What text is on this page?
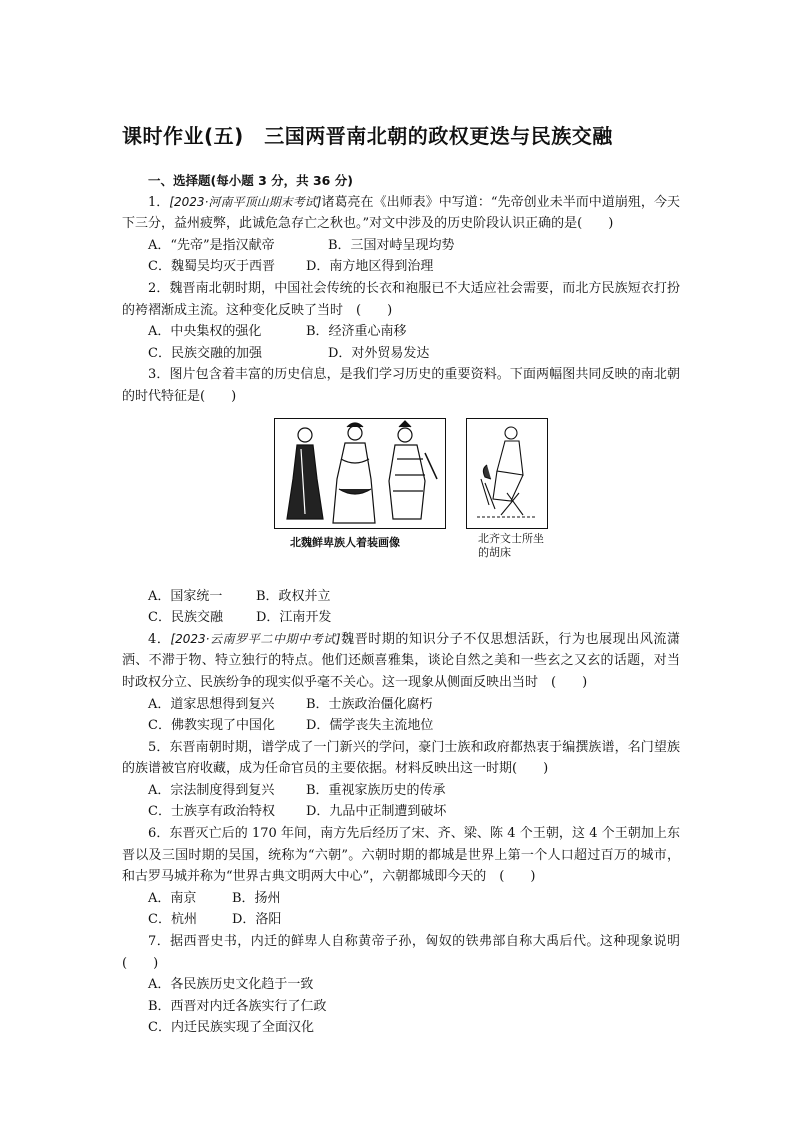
课时作业(五)　三国两晋南北朝的政权更迭与民族交融
一、选择题(每小题 3 分，共 36 分)

1．[2023·河南平顶山期末考试]诸葛亮在《出师表》中写道：“先帝创业未半而中道崩殂，今天下三分，益州疲弊，此诚危急存亡之秋也。”对文中涉及的历史阶段认识正确的是(　　)

A．“先帝”是指汉献帝	B．三国对峙呈现均势
C．魏蜀吴均灭于西晋 D．南方地区得到治理

2．魏晋南北朝时期，中国社会传统的长衣和袍服已不大适应社会需要，而北方民族短衣打扮的袴褶渐成主流。这种变化反映了当时　(　　)

A．中央集权的强化	B．经济重心南移
C．民族交融的加强	D．对外贸易发达

3．图片包含着丰富的历史信息，是我们学习历史的重要资料。下面两幅图共同反映的南北朝的时代特征是(　　)

北魏鲜卑族人着装画像	北齐文士所坐的胡床
A．国家统一	B．政权并立
C．民族交融	D．江南开发

4．[2023·云南罗平二中期中考试]魏晋时期的知识分子不仅思想活跃，行为也展现出风流潇洒、不滞于物、特立独行的特点。他们还颇喜雅集，谈论自然之美和一些玄之又玄的话题，对当时政权分立、民族纷争的现实似乎毫不关心。这一现象从侧面反映出当时　(　　)

A．道家思想得到复兴 B．士族政治僵化腐朽
C．佛教实现了中国化 D．儒学丧失主流地位

5．东晋南朝时期，谱学成了一门新兴的学问，豪门士族和政府都热衷于编撰族谱，名门望族的族谱被官府收藏，成为任命官员的主要依据。材料反映出这一时期(　　)

A．宗法制度得到复兴 B．重视家族历史的传承
C．士族享有政治特权 D．九品中正制遭到破坏

6．东晋灭亡后的 170 年间，南方先后经历了宋、齐、梁、陈 4 个王朝，这 4 个王朝加上东晋以及三国时期的吴国，统称为“六朝”。六朝时期的都城是世界上第一个人口超过百万的城市，和古罗马城并称为“世界古典文明两大中心”，六朝都城即今天的　(　　)

A．南京	B．扬州
C．杭州	D．洛阳

7．据西晋史书，内迁的鲜卑人自称黄帝子孙，匈奴的铁弗部自称大禹后代。这种现象说明(　　)

A．各民族历史文化趋于一致
B．西晋对内迁各族实行了仁政
C．内迁民族实现了全面汉化
